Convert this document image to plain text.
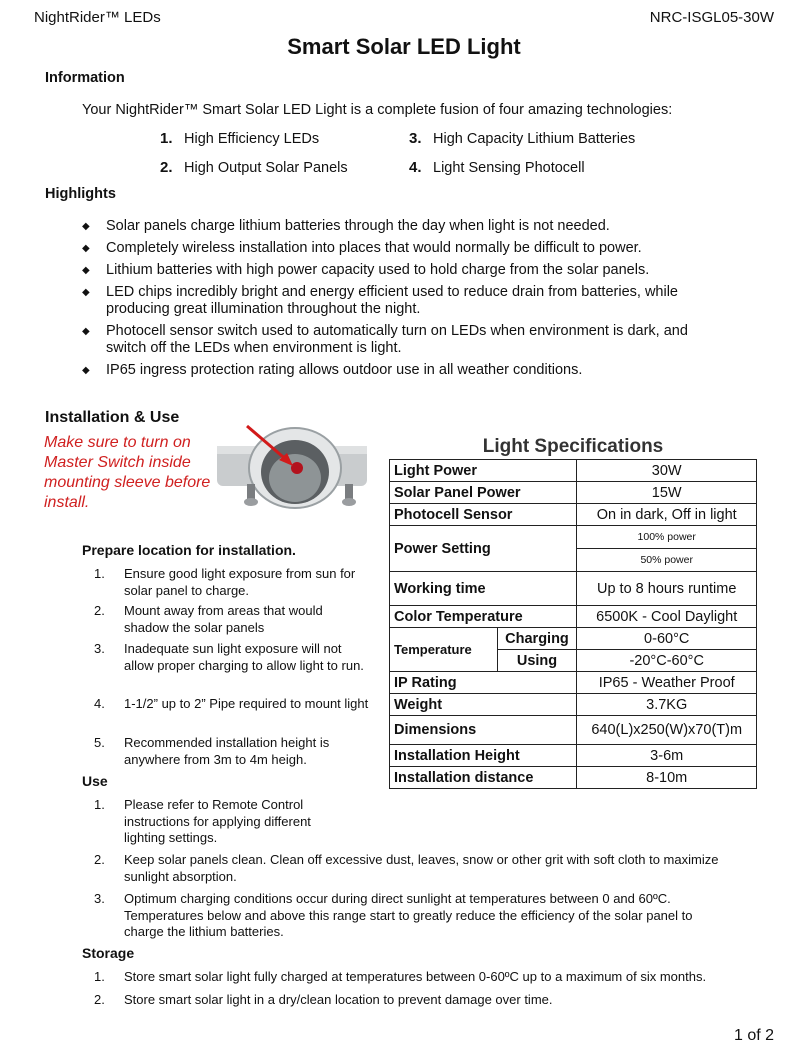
NightRider™ LEDs	NRC-ISGL05-30W
Smart Solar LED Light
Information
Your NightRider™ Smart Solar LED Light is a complete fusion of four amazing technologies:
1. High Efficiency LEDs
2. High Output Solar Panels
3. High Capacity Lithium Batteries
4. Light Sensing Photocell
Highlights
◆ Solar panels charge lithium batteries through the day when light is not needed.
◆ Completely wireless installation into places that would normally be difficult to power.
◆ Lithium batteries with high power capacity used to hold charge from the solar panels.
◆ LED chips incredibly bright and energy efficient used to reduce drain from batteries, while producing great illumination throughout the night.
◆ Photocell sensor switch used to automatically turn on LEDs when environment is dark, and switch off the LEDs when environment is light.
◆ IP65 ingress protection rating allows outdoor use in all weather conditions.
Installation & Use
Make sure to turn on Master Switch inside mounting sleeve before install.
Prepare location for installation.
1. Ensure good light exposure from sun for solar panel to charge.
2. Mount away from areas that would shadow the solar panels
3. Inadequate sun light exposure will not allow proper charging to allow light to run.
4. 1-1/2” up to 2” Pipe required to mount light
5. Recommended installation height is anywhere from 3m to 4m heigh.
Use
1. Please refer to Remote Control instructions for applying different lighting settings.
2. Keep solar panels clean. Clean off excessive dust, leaves, snow or other grit with soft cloth to maximize sunlight absorption.
3. Optimum charging conditions occur during direct sunlight at temperatures between 0 and 60ºC. Temperatures below and above this range start to greatly reduce the efficiency of the solar panel to charge the lithium batteries.
Storage
1. Store smart solar light fully charged at temperatures between 0-60ºC up to a maximum of six months.
2. Store smart solar light in a dry/clean location to prevent damage over time.
Light Specifications
Light Power		30W
Solar Panel Power		15W
Photocell Sensor		On in dark, Off in light
Power Setting		100% power
		50% power
Working time		Up to 8 hours runtime
Color Temperature		6500K - Cool Daylight
Temperature	Charging	0-60°C
	Using	-20°C-60°C
IP Rating		IP65 - Weather Proof
Weight		3.7KG
Dimensions		640(L)x250(W)x70(T)m
Installation Height		3-6m
Installation distance		8-10m
1 of 2
